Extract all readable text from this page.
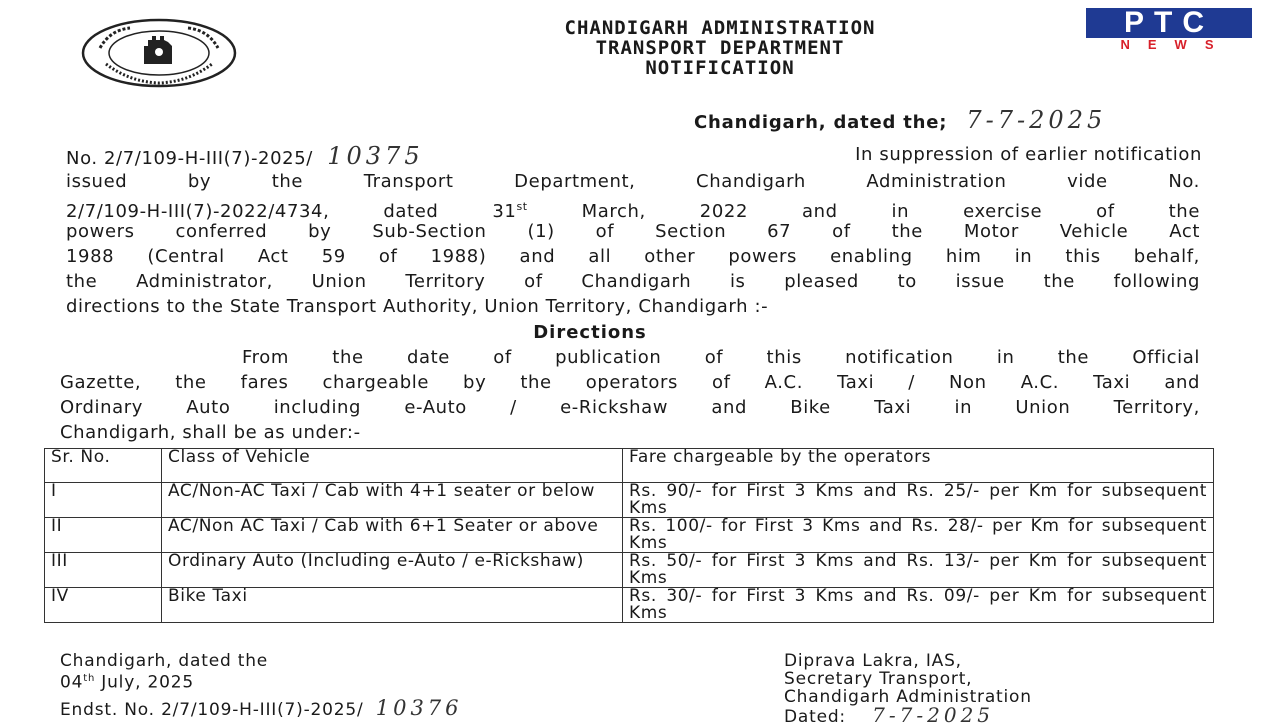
CHANDIGARH ADMINISTRATION
TRANSPORT DEPARTMENT
NOTIFICATION
PTC
NEWS
Chandigarh, dated the; 7-7-2025
No. 2/7/109-H-III(7)-2025/ 10375	In suppression of earlier notification
issued by the Transport Department, Chandigarh Administration vide No.
2/7/109-H-III(7)-2022/4734, dated 31st March, 2022 and in exercise of the
powers conferred by Sub-Section (1) of Section 67 of the Motor Vehicle Act
1988 (Central Act 59 of 1988) and all other powers enabling him in this behalf,
the Administrator, Union Territory of Chandigarh is pleased to issue the following
directions to the State Transport Authority, Union Territory, Chandigarh :-
Directions
From the date of publication of this notification in the Official
Gazette, the fares chargeable by the operators of A.C. Taxi / Non A.C. Taxi and
Ordinary Auto including e-Auto / e-Rickshaw and Bike Taxi in Union Territory,
Chandigarh, shall be as under:-
Sr. No.	Class of Vehicle	Fare chargeable by the operators
I	AC/Non-AC Taxi / Cab with 4+1 seater or below	Rs. 90/- for First 3 Kms and Rs. 25/- per Km for subsequent Kms
II	AC/Non AC Taxi / Cab with 6+1 Seater or above	Rs. 100/- for First 3 Kms and Rs. 28/- per Km for subsequent Kms
III	Ordinary Auto (Including e-Auto / e-Rickshaw)	Rs. 50/- for First 3 Kms and Rs. 13/- per Km for subsequent Kms
IV	Bike Taxi	Rs. 30/- for First 3 Kms and Rs. 09/- per Km for subsequent Kms
Chandigarh, dated the
04th July, 2025
Endst. No. 2/7/109-H-III(7)-2025/ 10376
Diprava Lakra, IAS,
Secretary Transport,
Chandigarh Administration
Dated: 7-7-2025
